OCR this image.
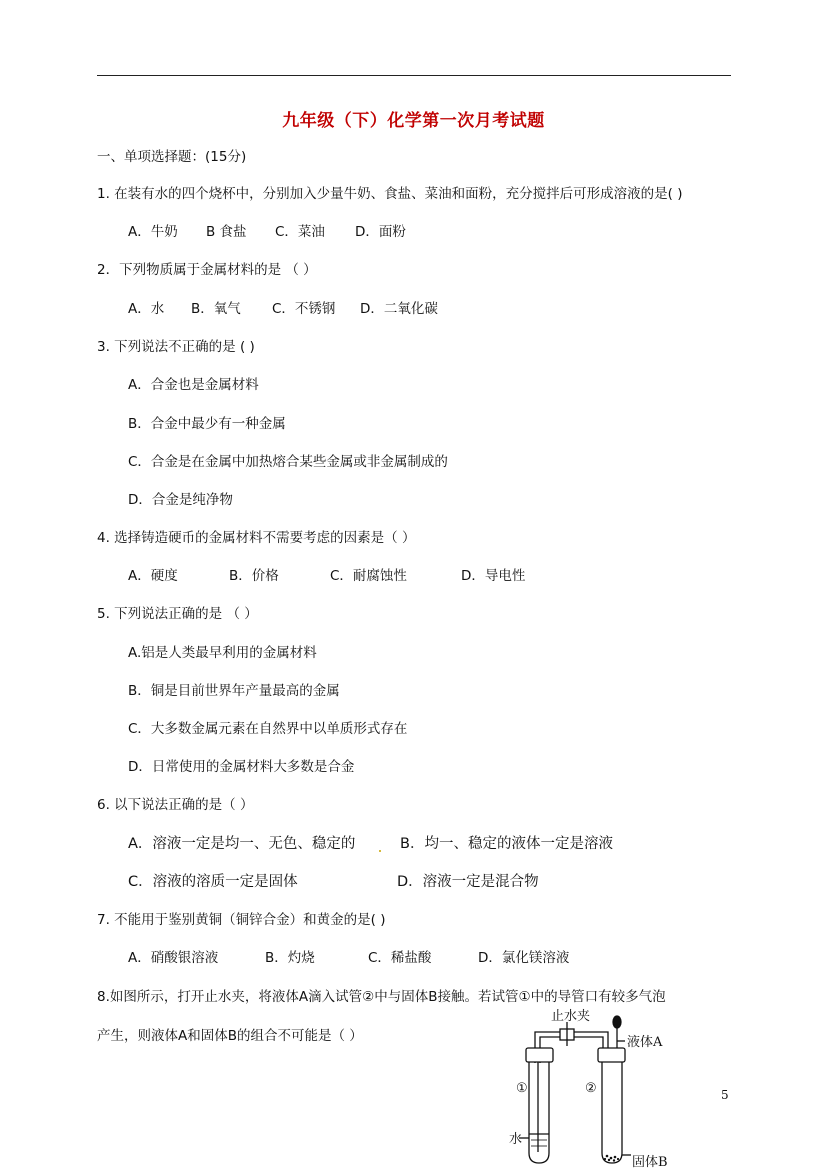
九年级（下）化学第一次月考试题
一、单项选择题：(15分)
1. 在装有水的四个烧杯中，分别加入少量牛奶、食盐、菜油和面粉，充分搅拌后可形成溶液的是( )
A．牛奶 B 食盐 C．菜油 D．面粉
2．下列物质属于金属材料的是 （ ）
A．水 B．氧气 C．不锈钢 D．二氧化碳
3. 下列说法不正确的是 ( )
A．合金也是金属材料
B．合金中最少有一种金属
C．合金是在金属中加热熔合某些金属或非金属制成的
D．合金是纯净物
4. 选择铸造硬币的金属材料不需要考虑的因素是（ ）
A．硬度	B．价格	C．耐腐蚀性	D．导电性
5. 下列说法正确的是 （ ）
A.铝是人类最早利用的金属材料
B．铜是目前世界年产量最高的金属
C．大多数金属元素在自然界中以单质形式存在
D．日常使用的金属材料大多数是合金
6. 以下说法正确的是（ ）
A．溶液一定是均一、无色、稳定的	B．均一、稳定的液体一定是溶液
C．溶液的溶质一定是固体	D．溶液一定是混合物
7. 不能用于鉴别黄铜（铜锌合金）和黄金的是( )
A．硝酸银溶液	B．灼烧	C．稀盐酸	D．氯化镁溶液
8.如图所示，打开止水夹，将液体A滴入试管②中与固体B接触。若试管①中的导管口有较多气泡
产生，则液体A和固体B的组合不可能是（ ）
止水夹
液体A
固体B
水
①	②	5
